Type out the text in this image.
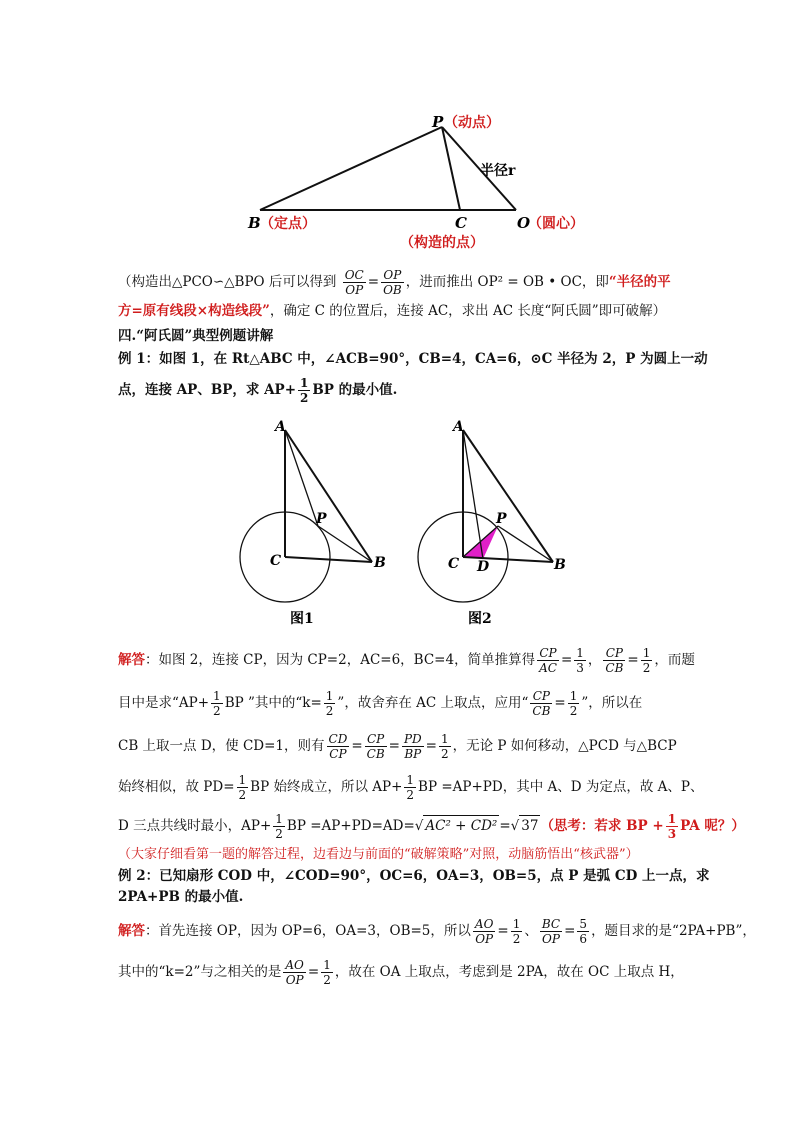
P （动点）
半径r
B （定点）	C
（构造的点）
O
（圆心）
（构造出△PCO∽△BPO 后可以得到 $\frac{OC}{OP} = \frac{OP}{OB}$ ，进而推出 OP² = OB • OC，即“半径的平
方=原有线段×构造线段”，确定 C 的位置后，连接 AC，求出 AC 长度“阿氏圆”即可破解）
四.“阿氏圆”典型例题讲解
例 1：如图 1，在 Rt△ABC 中，∠ACB=90°，CB=4，CA=6，⊙C 半径为 2，P 为圆上一动
点，连接 AP、BP，求 $AP+ \frac{1}{2}$ BP 的最小值.
A
P
C	B
图1
A
P
C D	B
图2
解答：如图 2，连接 CP，因为 CP=2，AC=6，BC=4，简单推算得 $\frac{CP}{AC} = \frac{1}{3}$ ， $\frac{CP}{CB} = \frac{1}{2}$ ，而题
目中是求“$AP+ \frac{1}{2}$ BP ”其中的“$k= \frac{1}{2}$ ”，故舍弃在 AC 上取点，应用“ $\frac{CP}{CB} = \frac{1}{2}$ ”，所以在
CB 上取一点 D，使 CD=1，则有 $\frac{CD}{CP} = \frac{CP}{CB} = \frac{PD}{BP} = \frac{1}{2}$ ，无论 P 如何移动，△PCD 与△BCP
始终相似，故 $PD= \frac{1}{2}$ BP 始终成立，所以 $AP+ \frac{1}{2}$ BP =AP+PD，其中 A、D 为定点，故 A、P、
D 三点共线时最小，$AP+ \frac{1}{2}$ BP =AP+PD=AD=√ AC² + CD² =√ 37 （思考：若求 BP + $\frac{1}{3}$ PA 呢？）
（大家仔细看第一题的解答过程，边看边与前面的“破解策略”对照，动脑筋悟出“核武器”）
例 2：已知扇形 COD 中，∠COD=90°，OC=6，OA=3，OB=5，点 P 是弧 CD 上一点，求
2PA+PB 的最小值.
解答：首先连接 OP，因为 OP=6，OA=3，OB=5，所以 $\frac{AO}{OP} = \frac{1}{2}$ 、 $\frac{BC}{OP} = \frac{5}{6}$ ，题目求的是“2PA+PB”，
其中的“k=2”与之相关的是 $\frac{AO}{OP} = \frac{1}{2}$ ，故在 OA 上取点，考虑到是 2PA，故在 OC 上取点 H，
